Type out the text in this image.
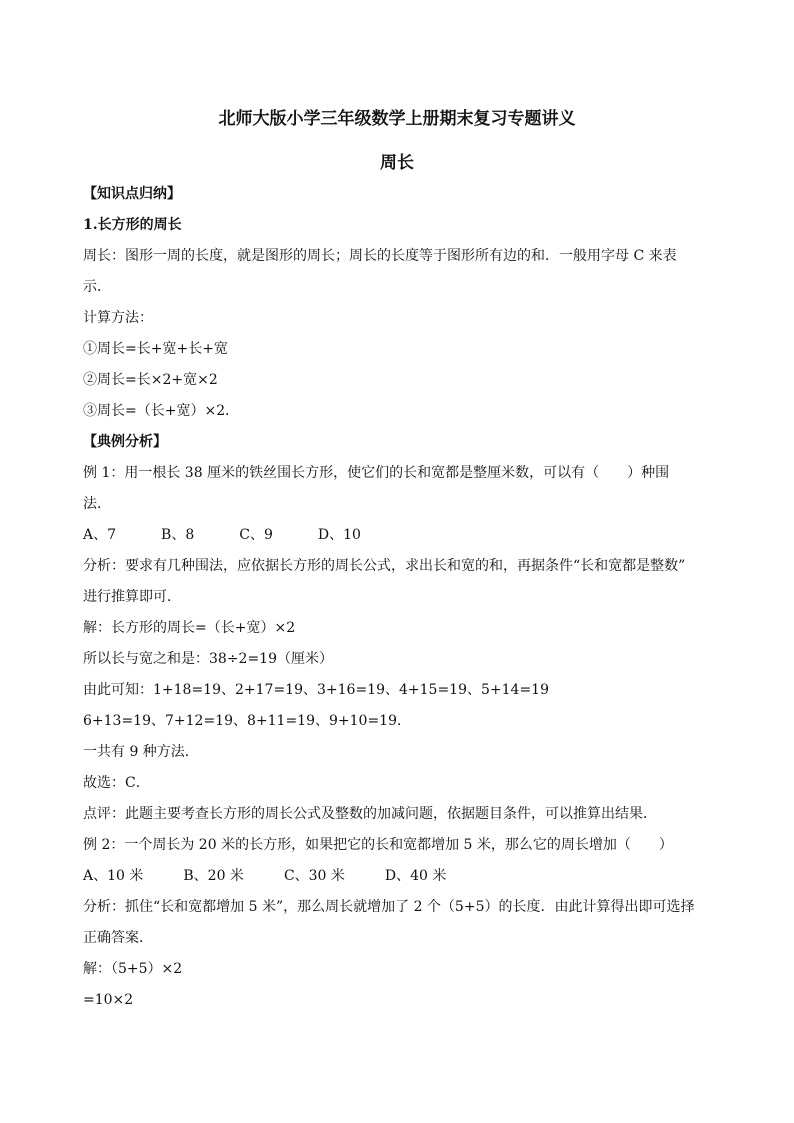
北师大版小学三年级数学上册期末复习专题讲义
周长
【知识点归纳】
1.长方形的周长
周长：图形一周的长度，就是图形的周长；周长的长度等于图形所有边的和．一般用字母 C 来表
示．
计算方法：
①周长=长+宽+长+宽
②周长=长×2+宽×2
③周长=（长+宽）×2．
【典例分析】
例 1：用一根长 38 厘米的铁丝围长方形，使它们的长和宽都是整厘米数，可以有（　　）种围
法．
A、7	B、8	C、9	D、10
分析：要求有几种围法，应依据长方形的周长公式，求出长和宽的和，再据条件“长和宽都是整数”
进行推算即可．
解：长方形的周长=（长+宽）×2
所以长与宽之和是：38÷2=19（厘米）
由此可知：1+18=19、2+17=19、3+16=19、4+15=19、5+14=19
6+13=19、7+12=19、8+11=19、9+10=19．
一共有 9 种方法．
故选：C．
点评：此题主要考查长方形的周长公式及整数的加减问题，依据题目条件，可以推算出结果．
例 2：一个周长为 20 米的长方形，如果把它的长和宽都增加 5 米，那么它的周长增加（　　）
A、10 米	B、20 米	C、30 米	D、40 米
分析：抓住“长和宽都增加 5 米”，那么周长就增加了 2 个（5+5）的长度．由此计算得出即可选择
正确答案．
解：（5+5）×2
=10×2
